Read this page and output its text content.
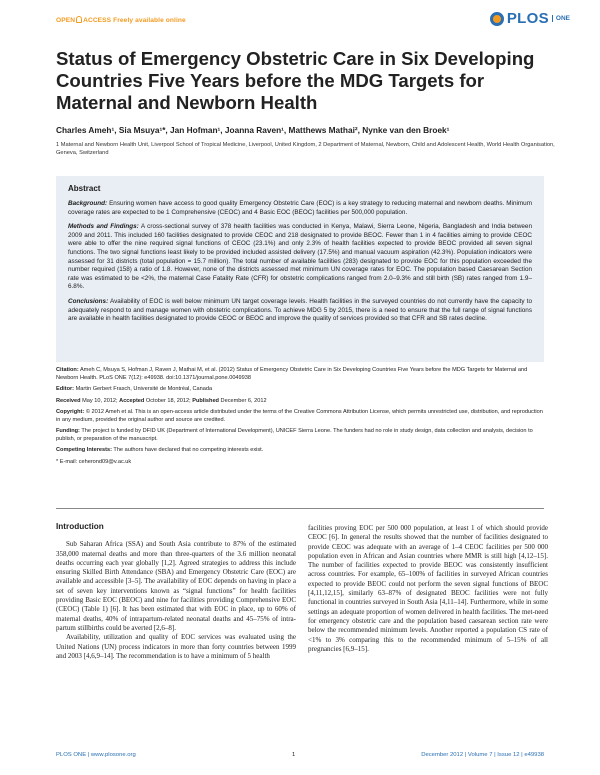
OPEN ACCESS Freely available online	PLOS	ONE
Status of Emergency Obstetric Care in Six Developing Countries Five Years before the MDG Targets for Maternal and Newborn Health
Charles Ameh¹, Sia Msuya¹*, Jan Hofman¹, Joanna Raven¹, Matthews Mathai², Nynke van den Broek¹
1 Maternal and Newborn Health Unit, Liverpool School of Tropical Medicine, Liverpool, United Kingdom, 2 Department of Maternal, Newborn, Child and Adolescent Health, World Health Organisation, Geneva, Switzerland
Abstract

Background: Ensuring women have access to good quality Emergency Obstetric Care (EOC) is a key strategy to reducing maternal and newborn deaths. Minimum coverage rates are expected to be 1 Comprehensive (CEOC) and 4 Basic EOC (BEOC) facilities per 500,000 population.

Methods and Findings: A cross-sectional survey of 378 health facilities was conducted in Kenya, Malawi, Sierra Leone, Nigeria, Bangladesh and India between 2009 and 2011. This included 160 facilities designated to provide CEOC and 218 designated to provide BEOC. Fewer than 1 in 4 facilities aiming to provide CEOC were able to offer the nine required signal functions of CEOC (23.1%) and only 2.3% of health facilities expected to provide BEOC provided all seven signal functions. The two signal functions least likely to be provided included assisted delivery (17.5%) and manual vacuum aspiration (42.3%). Population indicators were assessed for 31 districts (total population = 15.7 million). The total number of available facilities (283) designated to provide EOC for this population exceeded the number required (158) a ratio of 1.8. However, none of the districts assessed met minimum UN coverage rates for EOC. The population based Caesarean Section rate was estimated to be <2%, the maternal Case Fatality Rate (CFR) for obstetric complications ranged from 2.0–9.3% and still birth (SB) rates ranged from 1.9–6.8%.

Conclusions: Availability of EOC is well below minimum UN target coverage levels. Health facilities in the surveyed countries do not currently have the capacity to adequately respond to and manage women with obstetric complications. To achieve MDG 5 by 2015, there is a need to ensure that the full range of signal functions are available in health facilities designated to provide CEOC or BEOC and improve the quality of services provided so that CFR and SB rates decline.

Citation: Ameh C, Msuya S, Hofman J, Raven J, Mathai M, et al. (2012) Status of Emergency Obstetric Care in Six Developing Countries Five Years before the MDG Targets for Maternal and Newborn Health. PLoS ONE 7(12): e49938. doi:10.1371/journal.pone.0049938

Editor: Martin Gerbert Frasch, Université de Montréal, Canada

Received May 10, 2012; Accepted October 18, 2012; Published December 6, 2012

Copyright: © 2012 Ameh et al. This is an open-access article distributed under the terms of the Creative Commons Attribution License, which permits unrestricted use, distribution, and reproduction in any medium, provided the original author and source are credited.

Funding: The project is funded by DFID UK (Department of International Development), UNICEF Sierra Leone. The funders had no role in study design, data collection and analysis, decision to publish, or preparation of the manuscript.

Competing Interests: The authors have declared that no competing interests exist.

* E-mail: ceherond09@v.ac.uk

Introduction

Sub Saharan Africa (SSA) and South Asia contribute to 87% of the estimated 358,000 maternal deaths and more than three-quarters of the 3.6 million neonatal deaths occurring each year globally [1,2]. Agreed strategies to address this include ensuring Skilled Birth Attendance (SBA) and Emergency Obstetric Care (EOC) are available and accessible [3–5]. The availability of EOC depends on having in place a set of seven key interventions known as “signal functions” for health facilities providing Basic EOC (BEOC) and nine for facilities providing Comprehensive EOC (CEOC) (Table 1) [6]. It has been estimated that with EOC in place, up to 60% of maternal deaths, 40% of intrapartum-related neonatal deaths and 45–75% of intra-partum stillbirths could be averted [2,6–8].

Availability, utilization and quality of EOC services was evaluated using the United Nations (UN) process indicators in more than forty countries between 1999 and 2003 [4,6,9–14]. The recommendation is to have a minimum of 5 health

facilities proving EOC per 500 000 population, at least 1 of which should provide CEOC [6]. In general the results showed that the number of facilities designated to provide CEOC was adequate with an average of 1–4 CEOC facilities per 500 000 population even in African and Asian countries where MMR is still high [4,12–15]. The number of facilities expected to provide BEOC was consistently insufficient across countries. For example, 65–100% of facilities in surveyed African countries expected to provide BEOC could not perform the seven signal functions of BEOC [4,11,12,15], similarly 63–87% of designated BEOC facilities were not fully functional in countries surveyed in South Asia [4,11–14]. Furthermore, while in some settings an adequate proportion of women delivered in health facilities. The met-need for emergency obstetric care and the population based caesarean section rate were below the recommended minimum levels. Another reported a population CS rate of <1% to 3% comparing this to the recommended minimum of 5–15% of all pregnancies [6,9–15].

PLOS ONE | www.plosone.org	1	December 2012 | Volume 7 | Issue 12 | e49938
